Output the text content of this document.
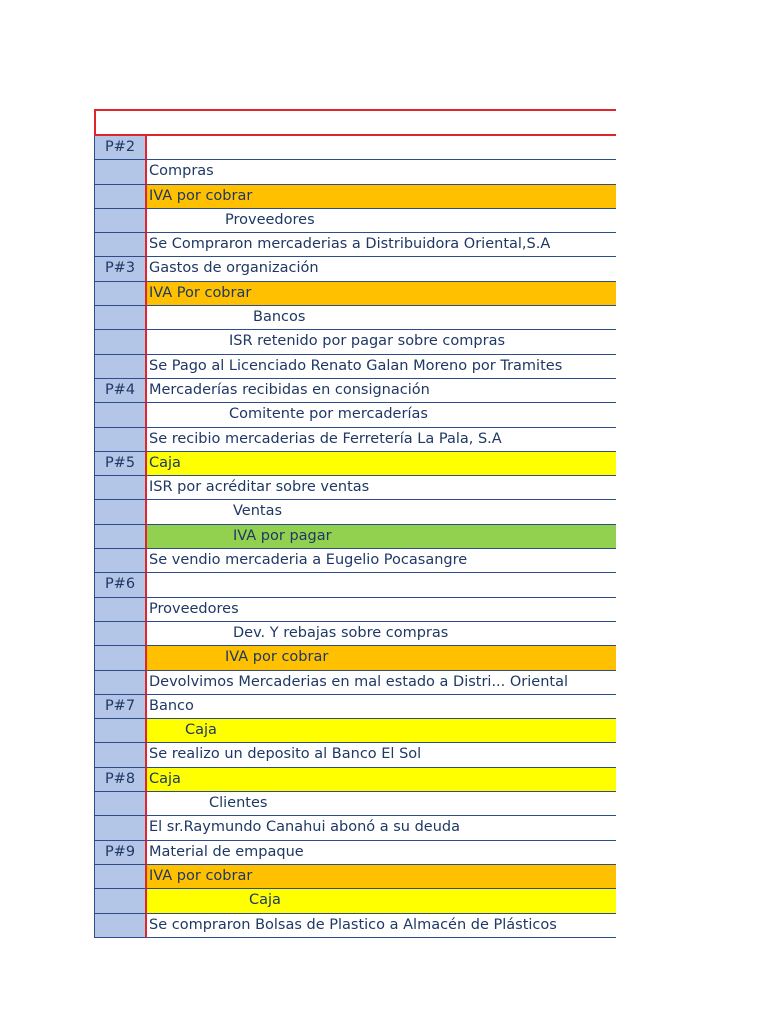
P#2
Compras
IVA por cobrar
Proveedores
Se Compraron mercaderias a Distribuidora Oriental,S.A
P#3 Gastos de organización
IVA Por cobrar
Bancos
ISR retenido por pagar sobre compras
Se Pago al Licenciado Renato Galan Moreno por Tramites
P#4 Mercaderías recibidas en consignación
Comitente por mercaderías
Se recibio mercaderias de Ferretería La Pala, S.A
P#5 Caja
ISR por acréditar sobre ventas
Ventas
IVA por pagar
Se vendio mercaderia a Eugelio Pocasangre
P#6
Proveedores
Dev. Y rebajas sobre compras
IVA por cobrar
Devolvimos Mercaderias en mal estado a Distri... Oriental
P#7 Banco
Caja
Se realizo un deposito al Banco El Sol
P#8 Caja
Clientes
El sr.Raymundo Canahui abonó a su deuda
P#9 Material de empaque
IVA por cobrar
Caja
Se compraron Bolsas de Plastico a Almacén de Plásticos
